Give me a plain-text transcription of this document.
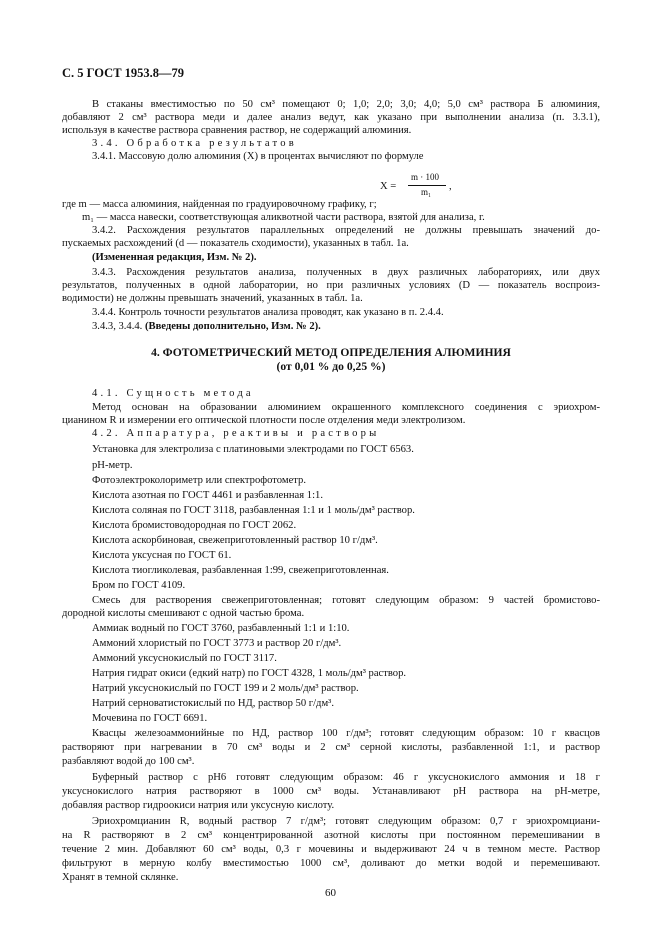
С. 5 ГОСТ 1953.8—79
В стаканы вместимостью по 50 см³ помещают 0; 1,0; 2,0; 3,0; 4,0; 5,0 см³ раствора Б алюминия,
добавляют 2 см³ раствора меди и далее анализ ведут, как указано при выполнении анализа (п. 3.3.1),
используя в качестве раствора сравнения раствор, не содержащий алюминия.
3.4. Обработка результатов
3.4.1. Массовую долю алюминия (X) в процентах вычисляют по формуле
X =
m · 100
m₁ ,
где m — масса алюминия, найденная по градуировочному графику, г;
m₁ — масса навески, соответствующая аликвотной части раствора, взятой для анализа, г.
3.4.2. Расхождения результатов параллельных определений не должны превышать значений до-
пускаемых расхождений (d — показатель сходимости), указанных в табл. 1а.
(Измененная редакция, Изм. № 2).
3.4.3. Расхождения результатов анализа, полученных в двух различных лабораториях, или двух
результатов, полученных в одной лаборатории, но при различных условиях (D — показатель воспроиз-
водимости) не должны превышать значений, указанных в табл. 1а.
3.4.4. Контроль точности результатов анализа проводят, как указано в п. 2.4.4.
3.4.3, 3.4.4. (Введены дополнительно, Изм. № 2).
4. ФОТОМЕТРИЧЕСКИЙ МЕТОД ОПРЕДЕЛЕНИЯ АЛЮМИНИЯ
(от 0,01 % до 0,25 %)
4.1. Сущность метода
Метод основан на образовании алюминием окрашенного комплексного соединения с эриохром-
цианином R и измерении его оптической плотности после отделения меди электролизом.
4.2. Аппаратура, реактивы и растворы
Установка для электролиза с платиновыми электродами по ГОСТ 6563.
рН-метр.
Фотоэлектроколориметр или спектрофотометр.
Кислота азотная по ГОСТ 4461 и разбавленная 1:1.
Кислота соляная по ГОСТ 3118, разбавленная 1:1 и 1 моль/дм³ раствор.
Кислота бромистоводородная по ГОСТ 2062.
Кислота аскорбиновая, свежеприготовленный раствор 10 г/дм³.
Кислота уксусная по ГОСТ 61.
Кислота тиогликолевая, разбавленная 1:99, свежеприготовленная.
Бром по ГОСТ 4109.
Смесь для растворения свежеприготовленная; готовят следующим образом: 9 частей бромистово-
дородной кислоты смешивают с одной частью брома.
Аммиак водный по ГОСТ 3760, разбавленный 1:1 и 1:10.
Аммоний хлористый по ГОСТ 3773 и раствор 20 г/дм³.
Аммоний уксуснокислый по ГОСТ 3117.
Натрия гидрат окиси (едкий натр) по ГОСТ 4328, 1 моль/дм³ раствор.
Натрий уксуснокислый по ГОСТ 199 и 2 моль/дм³ раствор.
Натрий серноватистокислый по НД, раствор 50 г/дм³.
Мочевина по ГОСТ 6691.
Квасцы железоаммонийные по НД, раствор 100 г/дм³; готовят следующим образом: 10 г квасцов
растворяют при нагревании в 70 см³ воды и 2 см³ серной кислоты, разбавленной 1:1, и раствор
разбавляют водой до 100 см³.
Буферный раствор с рН6 готовят следующим образом: 46 г уксуснокислого аммония и 18 г
уксуснокислого натрия растворяют в 1000 см³ воды. Устанавливают рН раствора на рН-метре,
добавляя раствор гидроокиси натрия или уксусную кислоту.
Эриохромцианин R, водный раствор 7 г/дм³; готовят следующим образом: 0,7 г эриохромциани-
на R растворяют в 2 см³ концентрированной азотной кислоты при постоянном перемешивании в
течение 2 мин. Добавляют 60 см³ воды, 0,3 г мочевины и выдерживают 24 ч в темном месте. Раствор
фильтруют в мерную колбу вместимостью 1000 см³, доливают до метки водой и перемешивают.
Хранят в темной склянке.
60
